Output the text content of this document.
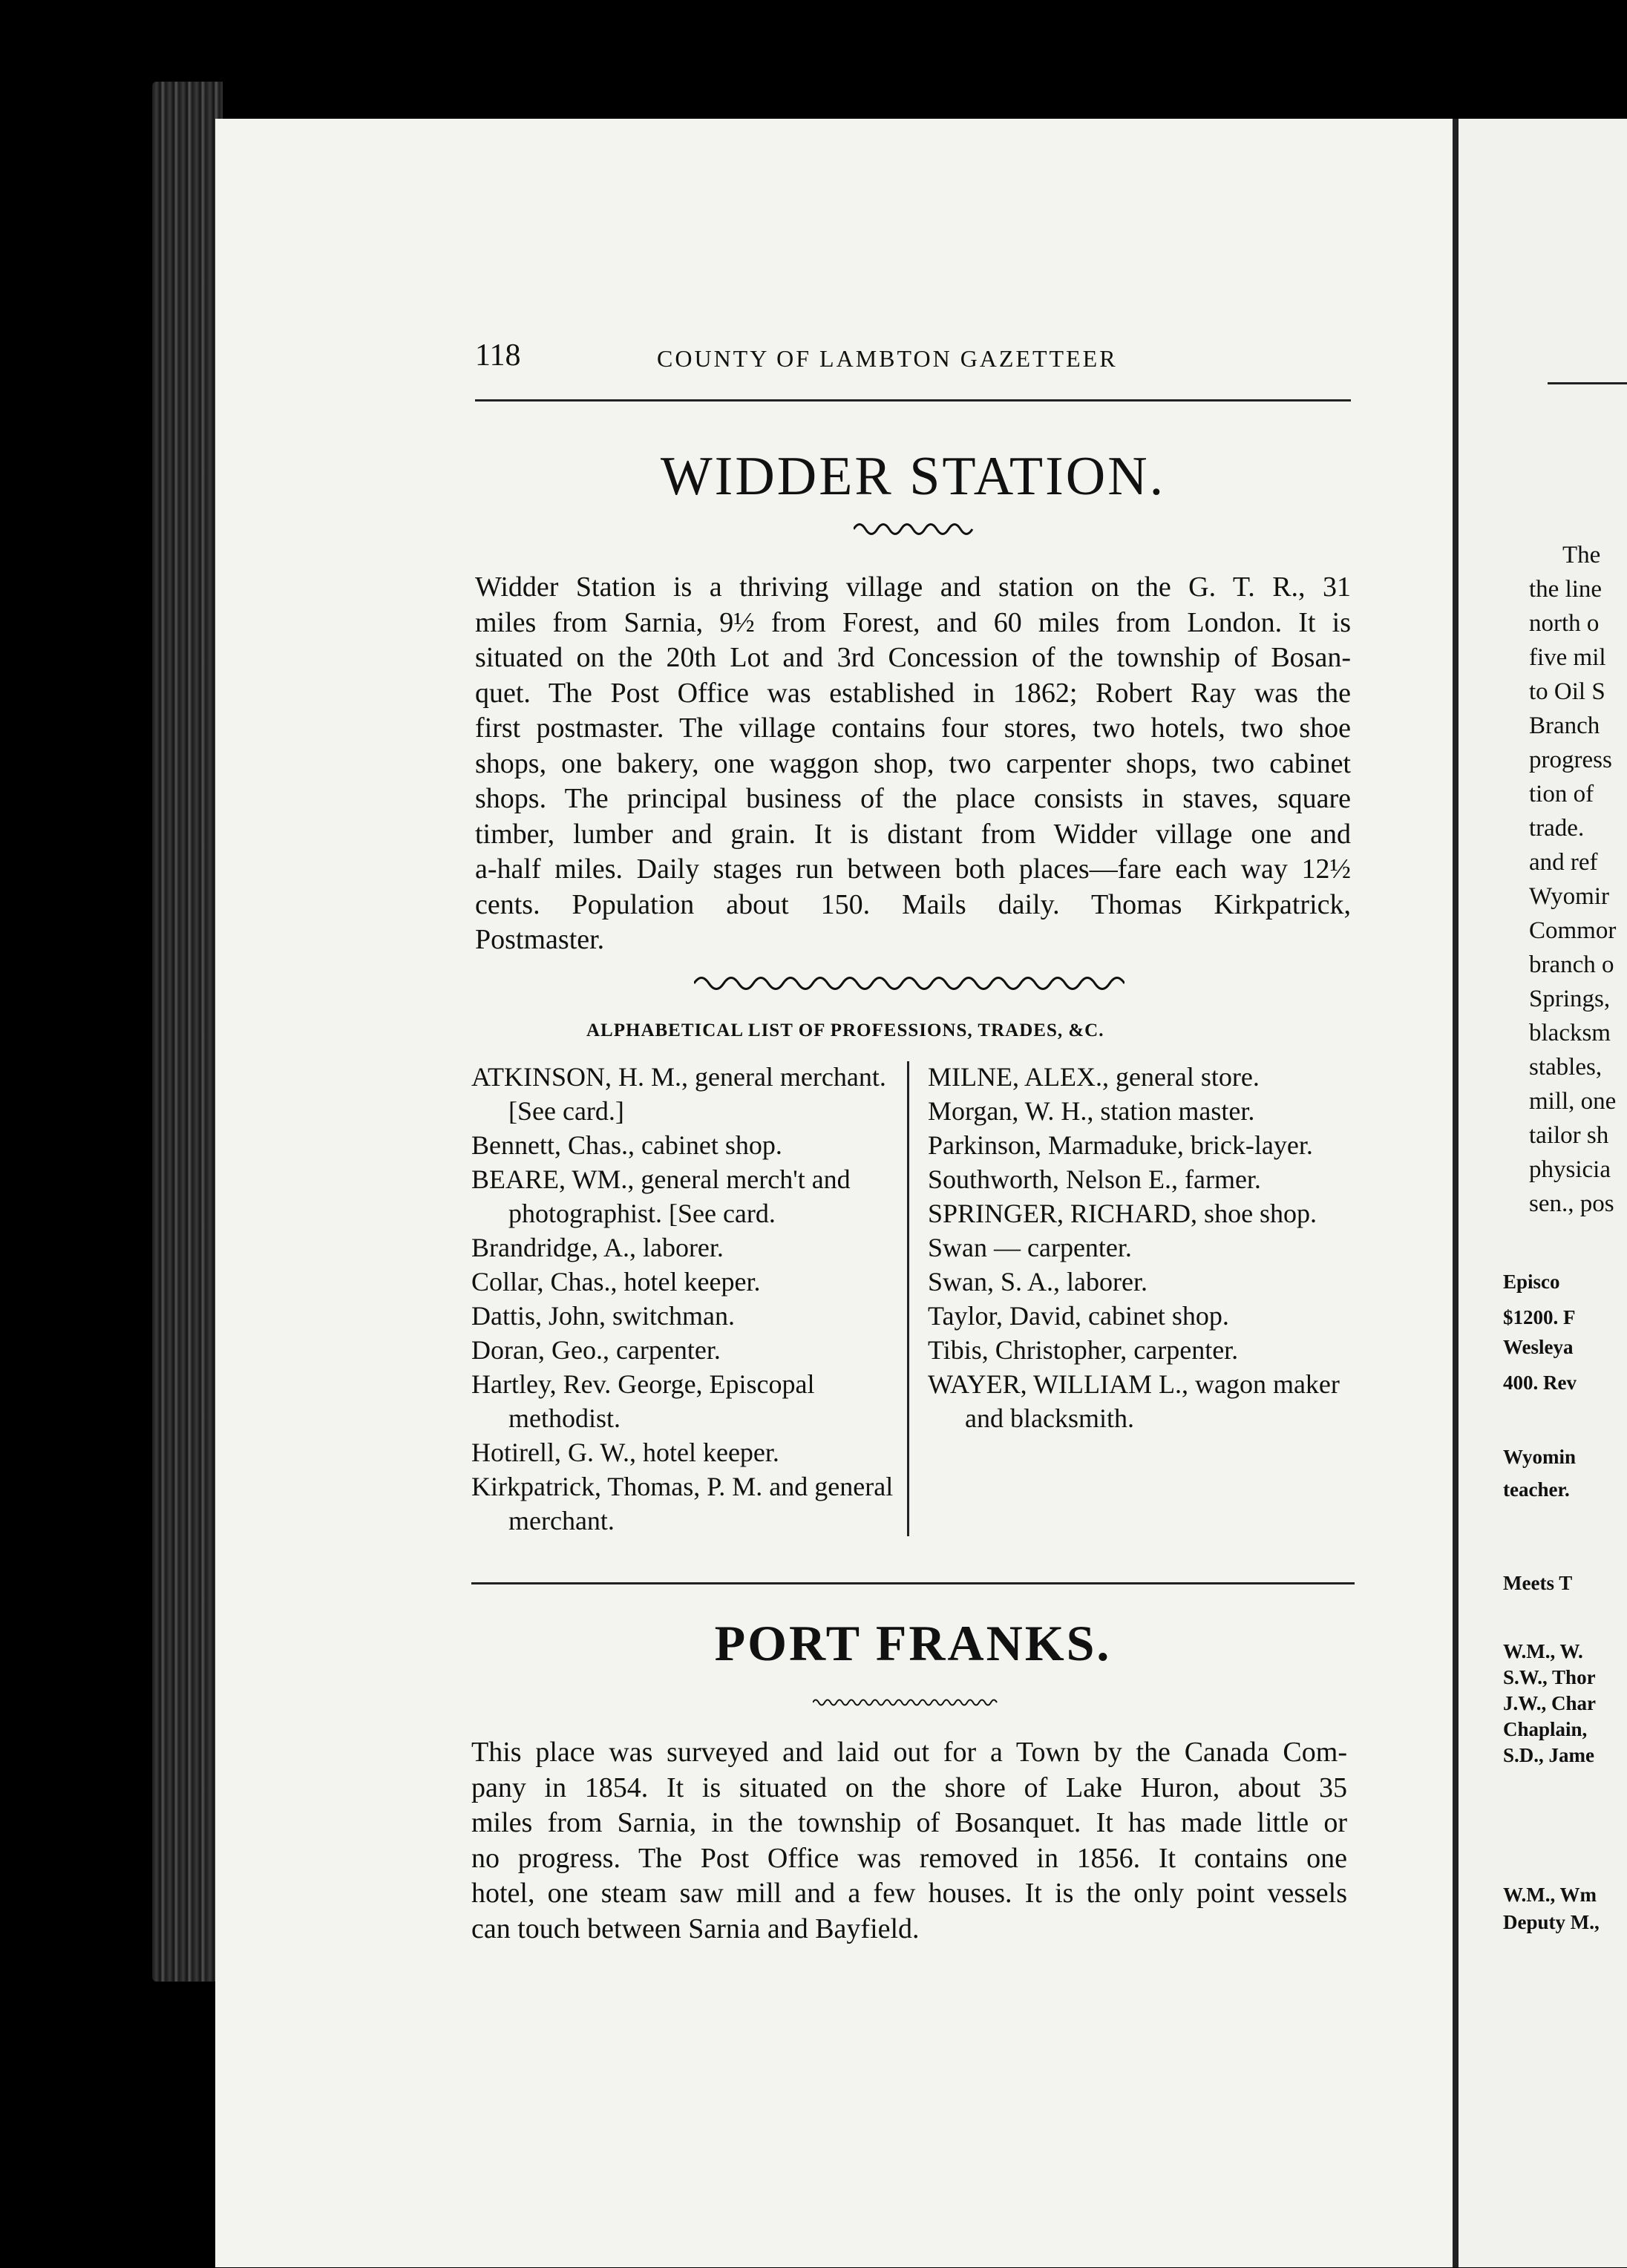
The
the line
north o
five mil
to Oil S
Branch
progress
tion of
trade.
and ref
Wyomir
Commor
branch o
Springs,
blacksm
stables,
mill, one
tailor sh
physicia
sen., pos
Episco
$1200. F
Wesleya
400. Rev
Wyomin
teacher.
Meets T
W.M., W.
S.W., Thor
J.W., Char
Chaplain,
S.D., Jame
W.M., Wm
Deputy M.,
118	COUNTY OF LAMBTON GAZETTEER
WIDDER STATION.
Widder Station is a thriving village and station on the G. T. R., 31
miles from Sarnia, 9½ from Forest, and 60 miles from London. It is
situated on the 20th Lot and 3rd Concession of the township of Bosan-
quet. The Post Office was established in 1862; Robert Ray was the
first postmaster. The village contains four stores, two hotels, two shoe
shops, one bakery, one waggon shop, two carpenter shops, two cabinet
shops. The principal business of the place consists in staves, square
timber, lumber and grain. It is distant from Widder village one and
a-half miles. Daily stages run between both places—fare each way 12½
cents. Population about 150. Mails daily. Thomas Kirkpatrick,
Postmaster.
ALPHABETICAL LIST OF PROFESSIONS, TRADES, &C.

ATKINSON, H. M., general merchant. [See card.]

Bennett, Chas., cabinet shop.

BEARE, WM., general merch't and photographist. [See card.

Brandridge, A., laborer.

Collar, Chas., hotel keeper.

Dattis, John, switchman.

Doran, Geo., carpenter.

Hartley, Rev. George, Episcopal methodist.

Hotirell, G. W., hotel keeper.

Kirkpatrick, Thomas, P. M. and general merchant.

MILNE, ALEX., general store.

Morgan, W. H., station master.

Parkinson, Marmaduke, brick-layer.

Southworth, Nelson E., farmer.

SPRINGER, RICHARD, shoe shop.

Swan — carpenter.

Swan, S. A., laborer.

Taylor, David, cabinet shop.

Tibis, Christopher, carpenter.

WAYER, WILLIAM L., wagon maker and blacksmith.

PORT FRANKS.
This place was surveyed and laid out for a Town by the Canada Com-
pany in 1854. It is situated on the shore of Lake Huron, about 35
miles from Sarnia, in the township of Bosanquet. It has made little or
no progress. The Post Office was removed in 1856. It contains one
hotel, one steam saw mill and a few houses. It is the only point vessels
can touch between Sarnia and Bayfield.
